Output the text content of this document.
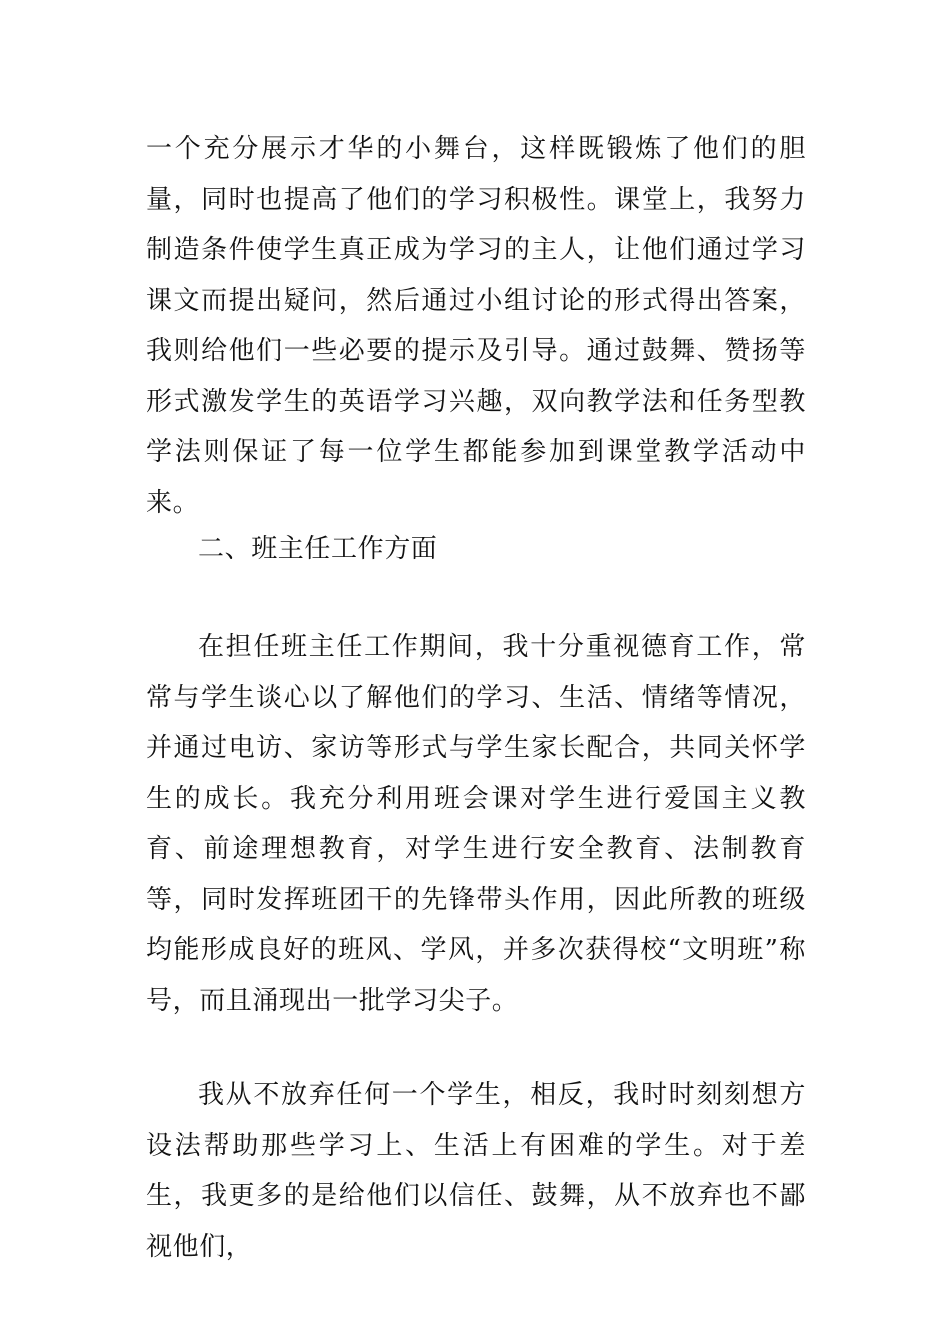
一个充分展示才华的小舞台，这样既锻炼了他们的胆量，同时也提高了他们的学习积极性。课堂上，我努力制造条件使学生真正成为学习的主人，让他们通过学习课文而提出疑问，然后通过小组讨论的形式得出答案，我则给他们一些必要的提示及引导。通过鼓舞、赞扬等形式激发学生的英语学习兴趣，双向教学法和任务型教学法则保证了每一位学生都能参加到课堂教学活动中来。

二、班主任工作方面

在担任班主任工作期间，我十分重视德育工作，常常与学生谈心以了解他们的学习、生活、情绪等情况，并通过电访、家访等形式与学生家长配合，共同关怀学生的成长。我充分利用班会课对学生进行爱国主义教育、前途理想教育，对学生进行安全教育、法制教育等，同时发挥班团干的先锋带头作用，因此所教的班级均能形成良好的班风、学风，并多次获得校“文明班”称号，而且涌现出一批学习尖子。

我从不放弃任何一个学生，相反，我时时刻刻想方设法帮助那些学习上、生活上有困难的学生。对于差生，我更多的是给他们以信任、鼓舞，从不放弃也不鄙视他们，
